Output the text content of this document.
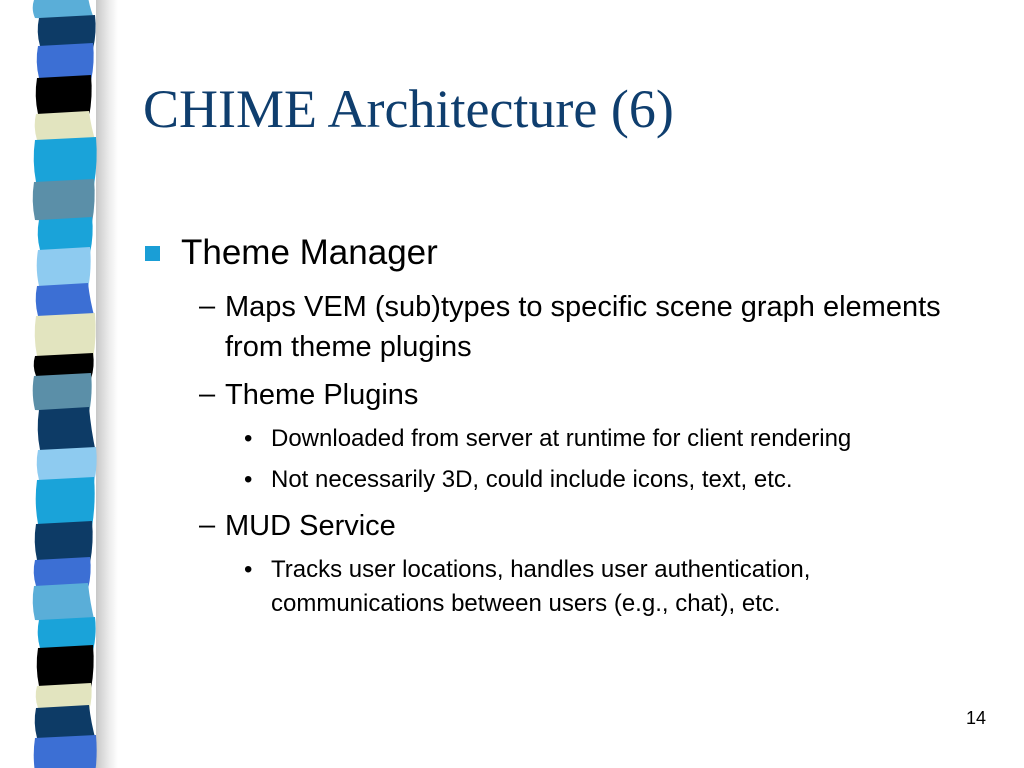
CHIME Architecture (6)
Theme Manager
– Maps VEM (sub)types to specific scene graph elements from theme plugins
– Theme Plugins
• Downloaded from server at runtime for client rendering
• Not necessarily 3D, could include icons, text, etc.
– MUD Service
• Tracks user locations, handles user authentication, communications between users (e.g., chat), etc.
14
